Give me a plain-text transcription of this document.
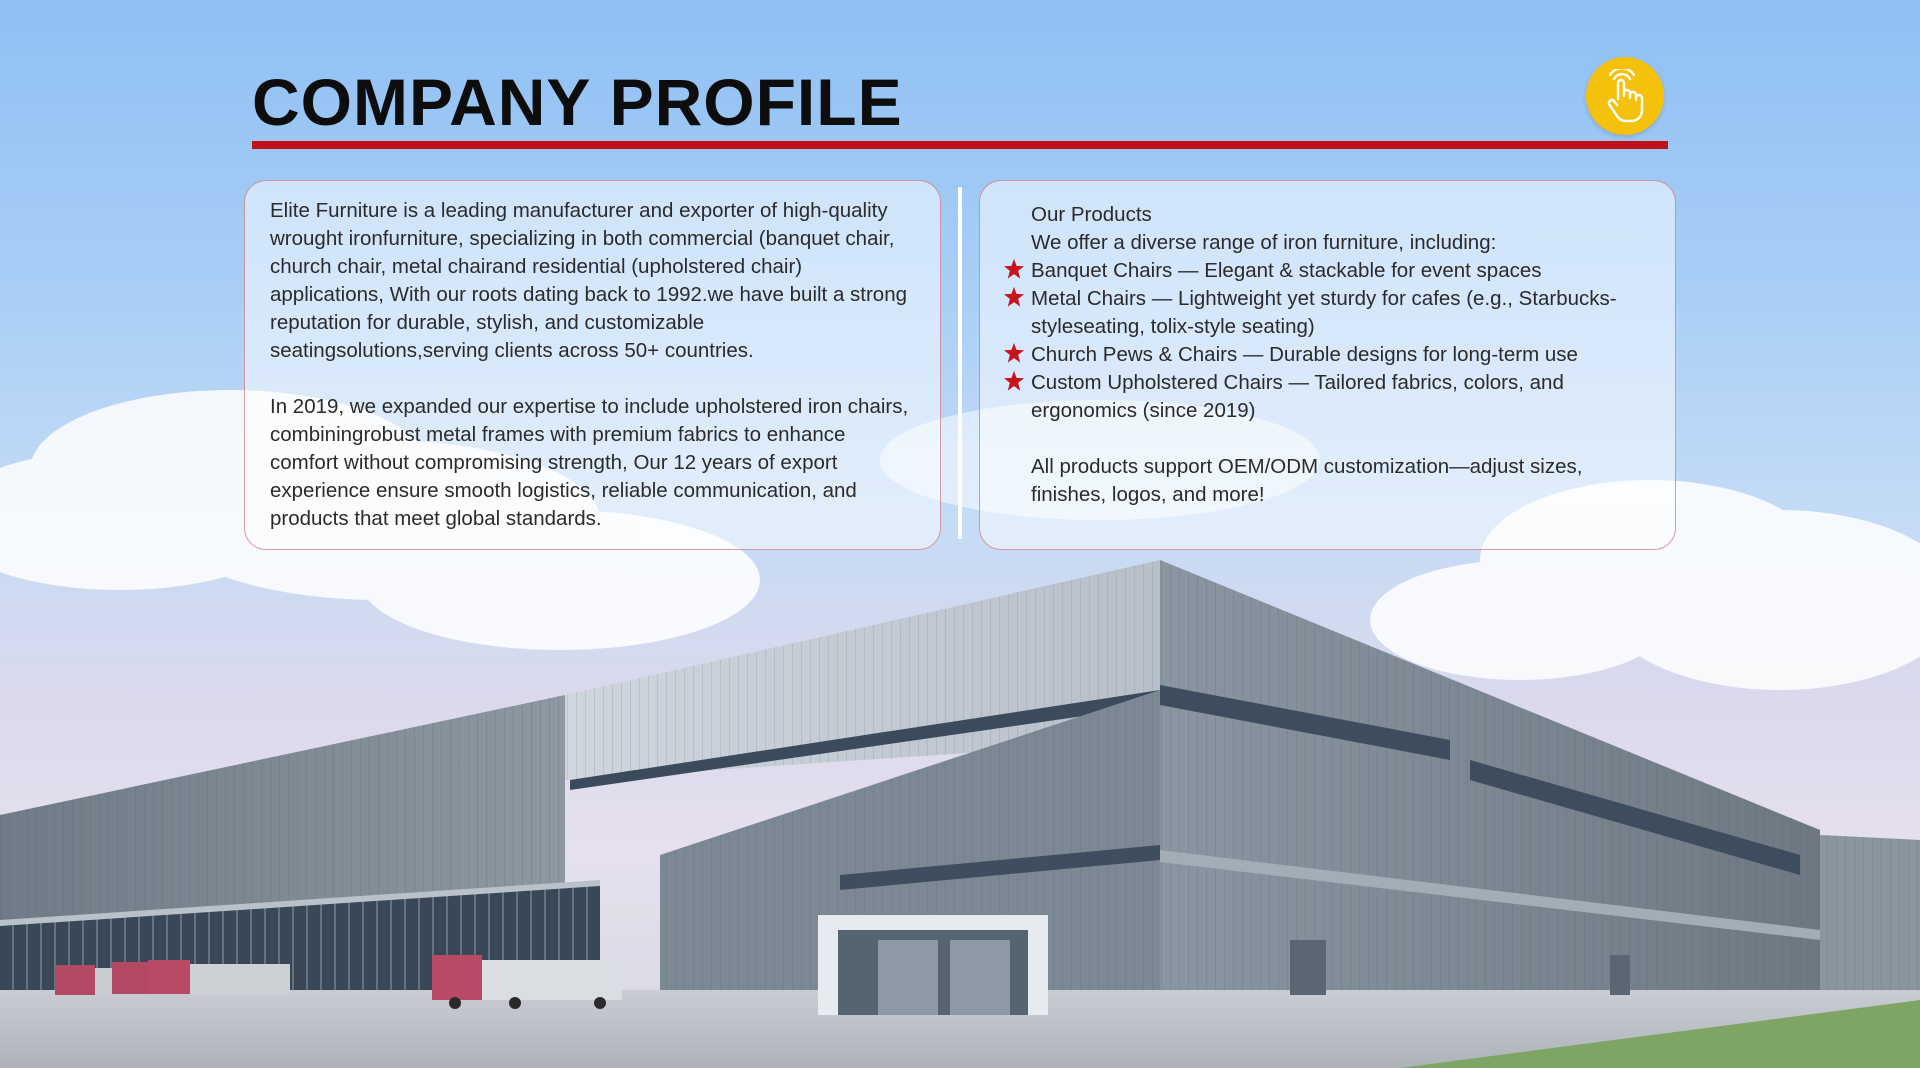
COMPANY PROFILE

Elite Furniture is a leading manufacturer and exporter of high-quality wrought ironfurniture, specializing in both commercial (banquet chair, church chair, metal chairand residential (upholstered chair) applications, With our roots dating back to 1992.we have built a strong reputation for durable, stylish, and customizable seatingsolutions,serving clients across 50+ countries.

In 2019, we expanded our expertise to include upholstered iron chairs, combiningrobust metal frames with premium fabrics to enhance comfort without compromising strength, Our 12 years of export experience ensure smooth logistics, reliable communication, and products that meet global standards.

Our Products

We offer a diverse range of iron furniture, including:

Banquet Chairs — Elegant & stackable for event spaces
Metal Chairs — Lightweight yet sturdy for cafes (e.g., Starbucks-styleseating, tolix-style seating)
Church Pews & Chairs — Durable designs for long-term use
Custom Upholstered Chairs — Tailored fabrics, colors, and ergonomics (since 2019)

All products support OEM/ODM customization—adjust sizes, finishes, logos, and more!
